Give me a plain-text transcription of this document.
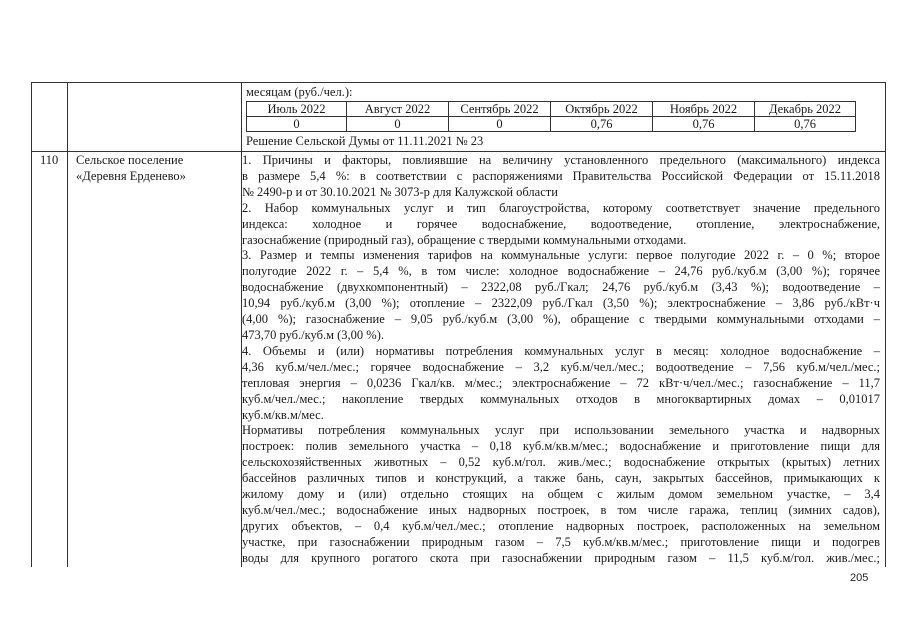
месяцам (руб./чел.):
Июль 2022	Август 2022	Сентябрь 2022	Октябрь 2022	Ноябрь 2022	Декабрь 2022
0	0	0	0,76	0,76	0,76
Решение Сельской Думы от 11.11.2021 № 23
110 Сельское поселение
«Деревня Ерденево»
1. Причины и факторы, повлиявшие на величину установленного предельного (максимального) индекса
в размере 5,4 %: в соответствии с распоряжениями Правительства Российской Федерации от 15.11.2018
№ 2490-р и от 30.10.2021 № 3073-р для Калужской области
2. Набор коммунальных услуг и тип благоустройства, которому соответствует значение предельного
индекса: холодное и горячее водоснабжение, водоотведение, отопление, электроснабжение,
газоснабжение (природный газ), обращение с твердыми коммунальными отходами.
3. Размер и темпы изменения тарифов на коммунальные услуги: первое полугодие 2022 г. – 0 %; второе
полугодие 2022 г. – 5,4 %, в том числе: холодное водоснабжение – 24,76 руб./куб.м (3,00 %); горячее
водоснабжение (двухкомпонентный) – 2322,08 руб./Гкал; 24,76 руб./куб.м (3,43 %); водоотведение –
10,94 руб./куб.м (3,00 %); отопление – 2322,09 руб./Гкал (3,50 %); электроснабжение – 3,86 руб./кВт·ч
(4,00 %); газоснабжение – 9,05 руб./куб.м (3,00 %), обращение с твердыми коммунальными отходами –
473,70 руб./куб.м (3,00 %).
4. Объемы и (или) нормативы потребления коммунальных услуг в месяц: холодное водоснабжение –
4,36 куб.м/чел./мес.; горячее водоснабжение – 3,2 куб.м/чел./мес.; водоотведение – 7,56 куб.м/чел./мес.;
тепловая энергия – 0,0236 Гкал/кв. м/мес.; электроснабжение – 72 кВт·ч/чел./мес.; газоснабжение – 11,7
куб.м/чел./мес.; накопление твердых коммунальных отходов в многоквартирных домах – 0,01017
куб.м/кв.м/мес.
Нормативы потребления коммунальных услуг при использовании земельного участка и надворных
построек: полив земельного участка – 0,18 куб.м/кв.м/мес.; водоснабжение и приготовление пищи для
сельскохозяйственных животных – 0,52 куб.м/гол. жив./мес.; водоснабжение открытых (крытых) летних
бассейнов различных типов и конструкций, а также бань, саун, закрытых бассейнов, примыкающих к
жилому дому и (или) отдельно стоящих на общем с жилым домом земельном участке, – 3,4
куб.м/чел./мес.; водоснабжение иных надворных построек, в том числе гаража, теплиц (зимних садов),
других объектов, – 0,4 куб.м/чел./мес.; отопление надворных построек, расположенных на земельном
участке, при газоснабжении природным газом – 7,5 куб.м/кв.м/мес.; приготовление пищи и подогрев
воды для крупного рогатого скота при газоснабжении природным газом – 11,5 куб.м/гол. жив./мес.;
205
